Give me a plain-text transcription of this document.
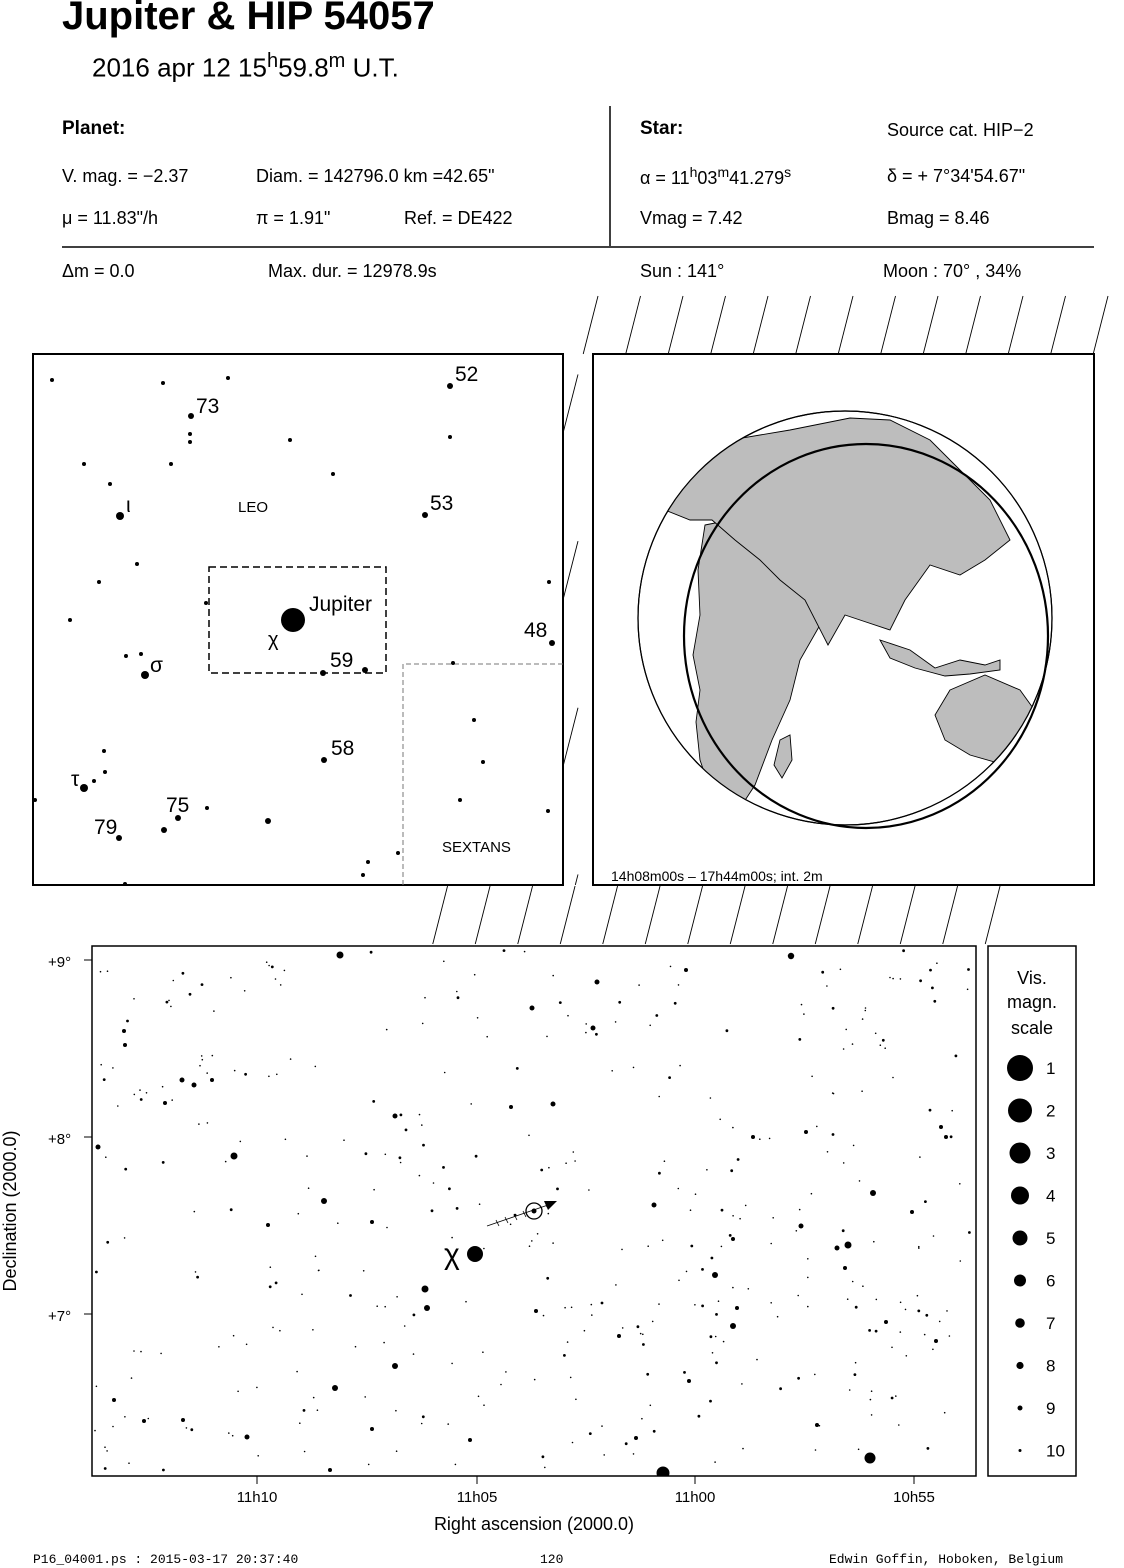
Jupiter & HIP 54057
2016 apr 12 15$^h$59.8$^m$ U.T.
Planet:
V. mag. = −2.37	Diam. = 142796.0 km =42.65"
μ = 11.83"/h	π = 1.91"	Ref. = DE422
Star:	Source cat. HIP−2
$\alpha = 11^h03^m41.279^s$	δ = + 7°34'54.67"
Vmag = 7.42	Bmag = 8.46
Δm = 0.0	Max. dur. = 12978.9s	Sun : 141°	Moon : 70° , 34%
52
73
53
Jupiter
48
59
58
75
79
ι
χ
σ
τ
LEO
SEXTANS
14h08m00s – 17h44m00s; int. 2m
χ
+9°
+8°
+7°
11h10	11h05	11h00	10h55
Right ascension (2000.0)
Declination (2000.0)
Vis.
magn.
scale
1
2
3
4
5
6
7
8
9
10
P16_04001.ps : 2015-03-17 20:37:40	120	Edwin Goffin, Hoboken, Belgium
